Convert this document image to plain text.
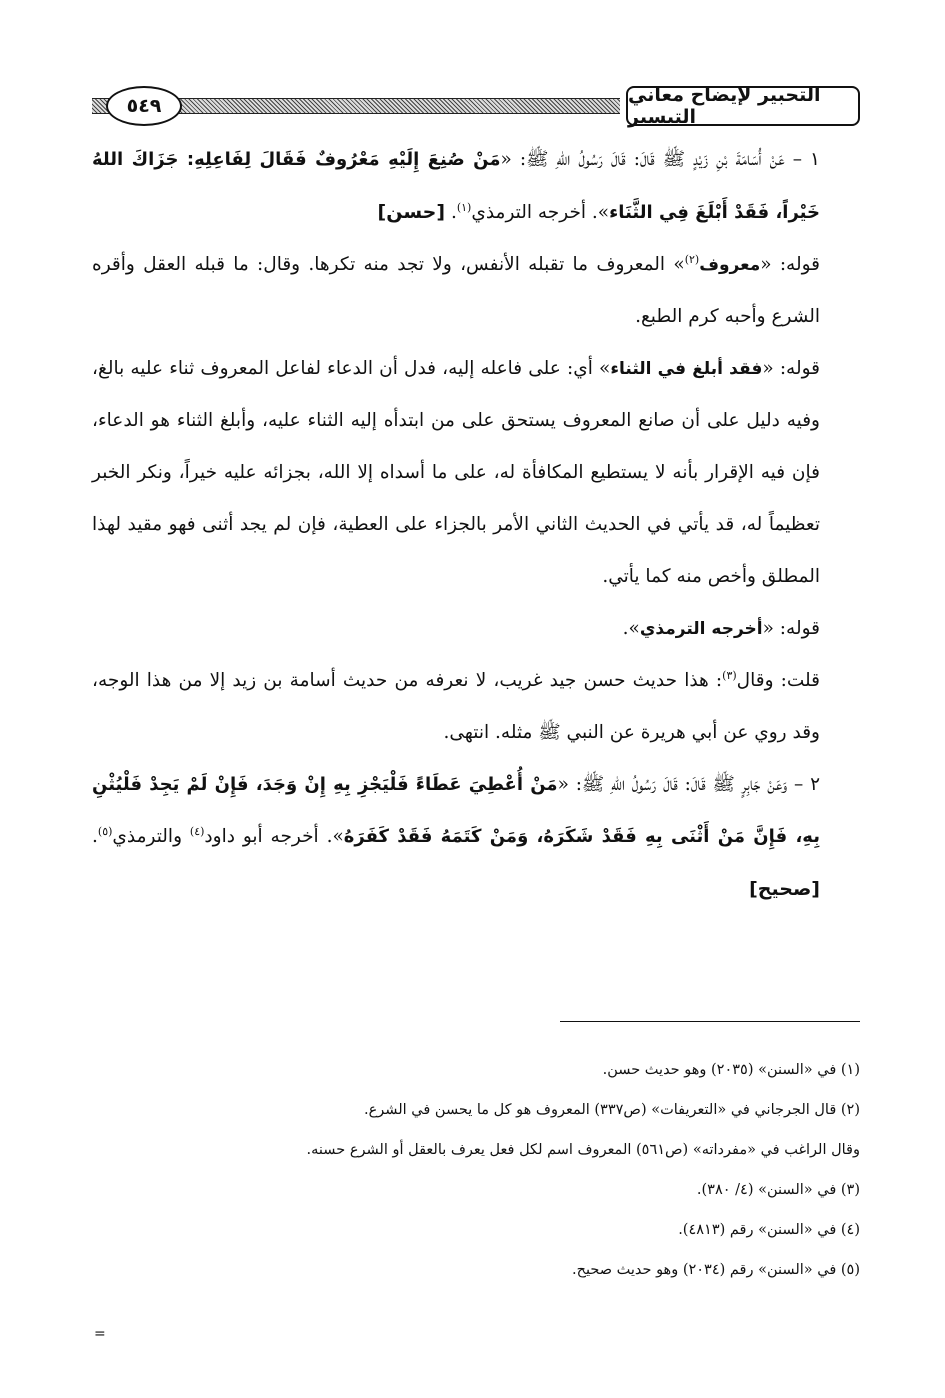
٥٤٩	التحبير لإيضاح معاني التيسير

١ – عَنْ أُسَامَةَ بْنِ زَيْدٍ ﷺ قَالَ: قَالَ رَسُولُ اللهِ ﷺ: «مَنْ صُنِعَ إِلَيْهِ مَعْرُوفٌ فَقَالَ لِفَاعِلِهِ: جَزَاكَ اللهُ خَيْراً، فَقَدْ أَبْلَغَ فِي الثَّنَاء». أخرجه الترمذي$^{(١)}$. [حسن]

قوله: «معروف$^{(٢)}$» المعروف ما تقبله الأنفس، ولا تجد منه تكرها. وقال: ما قبله العقل وأقره الشرع وأحبه كرم الطبع.

قوله: «فقد أبلغ في الثناء» أي: على فاعله إليه، فدل أن الدعاء لفاعل المعروف ثناء عليه بالغ، وفيه دليل على أن صانع المعروف يستحق على من ابتدأه إليه الثناء عليه، وأبلغ الثناء هو الدعاء، فإن فيه الإقرار بأنه لا يستطيع المكافأة له، على ما أسداه إلا الله، بجزائه عليه خيراً، ونكر الخبر تعظيماً له، قد يأتي في الحديث الثاني الأمر بالجزاء على العطية، فإن لم يجد أثنى فهو مقيد لهذا المطلق وأخص منه كما يأتي.

قوله: «أخرجه الترمذي».

قلت: وقال$^{(٣)}$: هذا حديث حسن جيد غريب، لا نعرفه من حديث أسامة بن زيد إلا من هذا الوجه، وقد روي عن أبي هريرة عن النبي ﷺ مثله. انتهى.

٢ – وَعَنْ جَابِرٍ ﷺ قَالَ: قَالَ رَسُولُ اللهِ ﷺ: «مَنْ أُعْطِيَ عَطَاءً فَلْيَجْزِ بِهِ إِنْ وَجَدَ، فَإِنْ لَمْ يَجِدْ فَلْيُثْنِ بِهِ، فَإِنَّ مَنْ أَثْنَى بِهِ فَقَدْ شَكَرَهُ، وَمَنْ كَتَمَهُ فَقَدْ كَفَرَهُ». أخرجه أبو داود$^{(٤)}$ والترمذي$^{(٥)}$. [صحيح]

(١) في «السنن» (٢٠٣٥) وهو حديث حسن.

(٢) قال الجرجاني في «التعريفات» (ص٣٣٧) المعروف هو كل ما يحسن في الشرع.

وقال الراغب في «مفرداته» (ص٥٦١) المعروف اسم لكل فعل يعرف بالعقل أو الشرع حسنه.

(٣) في «السنن» (٤/ ٣٨٠).

(٤) في «السنن» رقم (٤٨١٣).

(٥) في «السنن» رقم (٢٠٣٤) وهو حديث صحيح.

=
